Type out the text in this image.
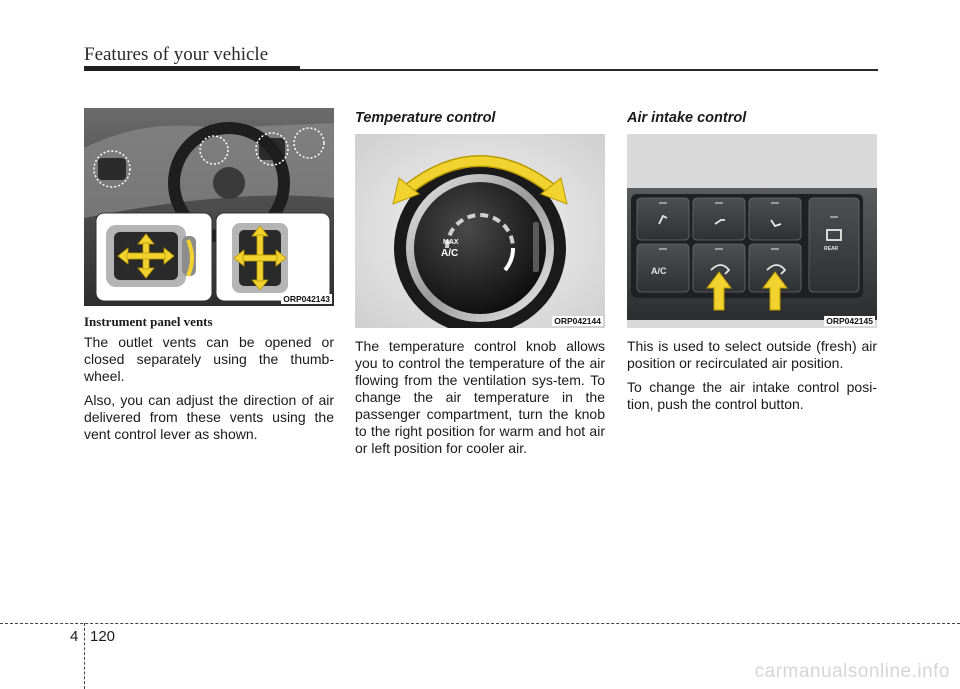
Features of your vehicle
ORP042143
Instrument panel vents

The outlet vents can be opened or closed separately using the thumb-wheel.

Also, you can adjust the direction of air delivered from these vents using the vent control lever as shown.

Temperature control
MAX
A/C
ORP042144

The temperature control knob allows you to control the temperature of the air flowing from the ventilation sys-tem. To change the air temperature in the passenger compartment, turn the knob to the right position for warm and hot air or left position for cooler air.

Air intake control
A/C
REAR
ORP042145

This is used to select outside (fresh) air position or recirculated air position.

To change the air intake control posi-tion, push the control button.

4 120
carmanualsonline.info
